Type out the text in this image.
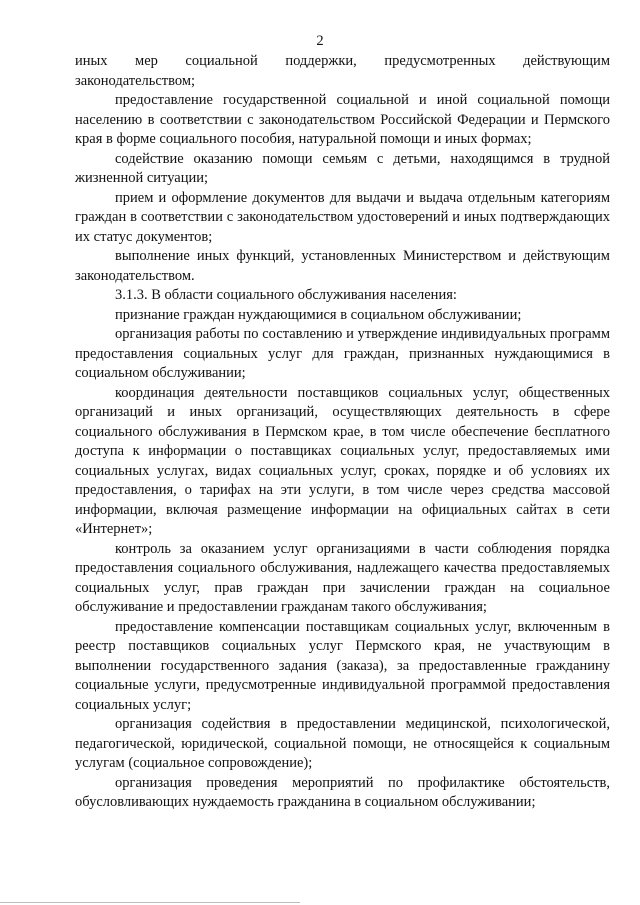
2

иных мер социальной поддержки, предусмотренных действующим законодательством;

предоставление государственной социальной и иной социальной помощи населению в соответствии с законодательством Российской Федерации и Пермского края в форме социального пособия, натуральной помощи и иных формах;

содействие оказанию помощи семьям с детьми, находящимся в трудной жизненной ситуации;

прием и оформление документов для выдачи и выдача отдельным категориям граждан в соответствии с законодательством удостоверений и иных подтверждающих их статус документов;

выполнение иных функций, установленных Министерством и действующим законодательством.

3.1.3. В области социального обслуживания населения:

признание граждан нуждающимися в социальном обслуживании;

организация работы по составлению и утверждение индивидуальных программ предоставления социальных услуг для граждан, признанных нуждающимися в социальном обслуживании;

координация деятельности поставщиков социальных услуг, общественных организаций и иных организаций, осуществляющих деятельность в сфере социального обслуживания в Пермском крае, в том числе обеспечение бесплатного доступа к информации о поставщиках социальных услуг, предоставляемых ими социальных услугах, видах социальных услуг, сроках, порядке и об условиях их предоставления, о тарифах на эти услуги, в том числе через средства массовой информации, включая размещение информации на официальных сайтах в сети «Интернет»;

контроль за оказанием услуг организациями в части соблюдения порядка предоставления социального обслуживания, надлежащего качества предоставляемых социальных услуг, прав граждан при зачислении граждан на социальное обслуживание и предоставлении гражданам такого обслуживания;

предоставление компенсации поставщикам социальных услуг, включенным в реестр поставщиков социальных услуг Пермского края, не участвующим в выполнении государственного задания (заказа), за предоставленные гражданину социальные услуги, предусмотренные индивидуальной программой предоставления социальных услуг;

организация содействия в предоставлении медицинской, психологической, педагогической, юридической, социальной помощи, не относящейся к социальным услугам (социальное сопровождение);

организация проведения мероприятий по профилактике обстоятельств, обусловливающих нуждаемость гражданина в социальном обслуживании;
